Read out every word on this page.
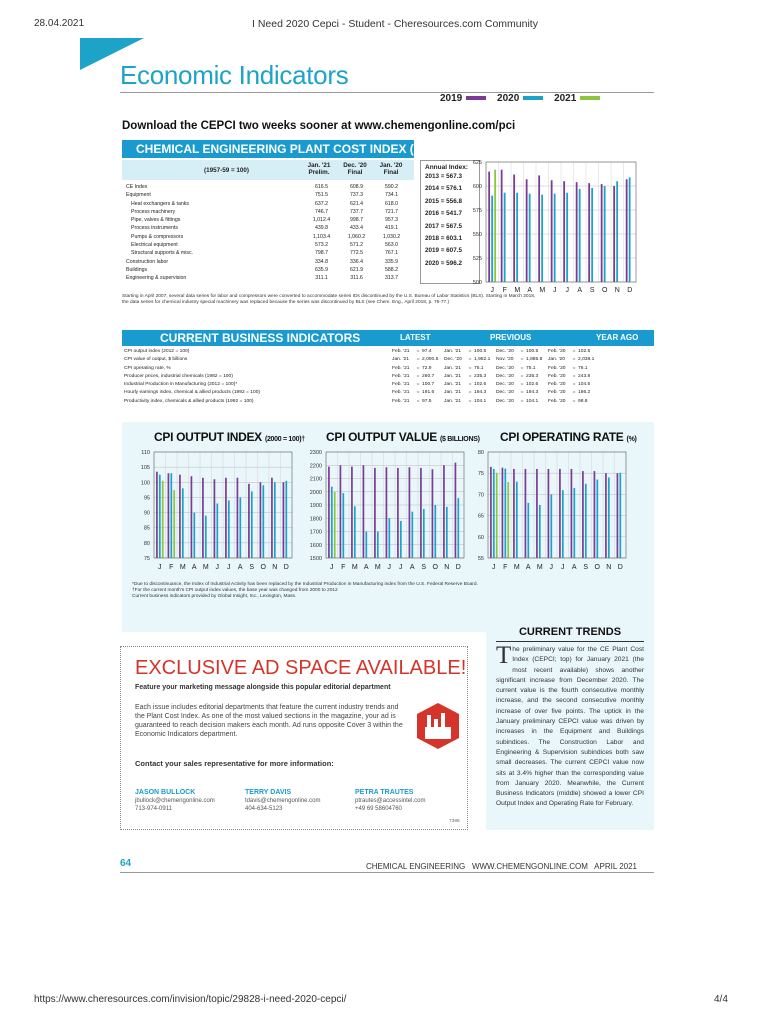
28.04.2021	I Need 2020 Cepci - Student - Cheresources.com Community
https://www.cheresources.com/invision/topic/29828-i-need-2020-cepci/	4/4
Economic Indicators
2019	2020	2021
Download the CEPCI two weeks sooner at www.chemengonline.com/pci
CHEMICAL ENGINEERING PLANT COST INDEX (CEPCI)
(1957-59 = 100)
Jan. '21 Prelim.
Dec. '20 Final
Jan. '20 Final
CE Index	616.5	608.9	590.2
Equipment	751.5	737.3	734.1
Heat exchangers & tanks	637.2	621.4	618.0
Process machinery	746.7	737.7	721.7
Pipe, valves & fittings	1,012.4	998.7	957.3
Process instruments	439.8	433.4	419.1
Pumps & compressors	1,103.4	1,060.2	1,030.2
Electrical equipment	573.2	571.2	563.0
Structural supports & misc.	798.7	772.5	767.1
Construction labor	334.8	336.4	335.9
Buildings	635.9	621.9	588.2
Engineering & supervision	311.1	311.6	313.7
Annual Index:
2013 = 567.3
2014 = 576.1
2015 = 556.8
2016 = 541.7
2017 = 567.5
2018 = 603.1
2019 = 607.5
2020 = 596.2
500
525
550
575
600
625
J F M A M J J A S O N D
Starting in April 2007, several data series for labor and compressors were converted to accommodate series IDs discontinued by the U.S. Bureau of Labor Statistics (BLS). Starting in March 2018, the data series for chemical industry special machinery was replaced because the series was discontinued by BLS (see Chem. Eng., April 2018, p. 76-77.)
CURRENT BUSINESS INDICATORS	LATEST	PREVIOUS	YEAR AGO
CPI output index (2012 = 100)	Feb. '21	=	97.4	Jan. '21	=	100.5	Dec. '20	=	100.5	Feb. '20	=	102.5
CPI value of output, $ billions	Jan. '21	=	2,000.5	Dec. '20	=	1,952.1	Nov. '20	=	1,885.8	Jan. '20	=	2,038.1
CPI operating rate, %	Feb. '21	=	72.9	Jan. '21	=	75.1	Dec. '20	=	75.1	Feb. '20	=	76.1
Producer prices, industrial chemicals (1982 = 100)	Feb. '21	=	260.7	Jan. '21	=	235.3	Dec. '20	=	235.3	Feb. '20	=	243.8
Industrial Production in Manufacturing (2012 = 100)*	Feb. '21	=	100.7	Jan. '21	=	102.6	Dec. '20	=	102.6	Feb. '20	=	104.5
Hourly earnings index, chemical & allied products (1992 = 100)	Feb. '21	=	191.6	Jan. '21	=	194.3	Dec. '20	=	194.3	Feb. '20	=	186.2
Productivity index, chemicals & allied products (1992 = 100)	Feb. '21	=	97.5	Jan. '21	=	104.1	Dec. '20	=	104.1	Feb. '20	=	98.8
CPI OUTPUT INDEX (2000 = 100)† CPI OUTPUT VALUE ($ BILLIONS) CPI OPERATING RATE (%)
75
80
85
90
95
100
105
110
J F M A M J J A S O N D
1500
1600
1700
1800
1900
2000
2100
2200
2300
J F M A M J J A S O N D
55
60
65
70
75
80
J F M A M J J A S O N D
*Due to discontinuance, the Index of Industrial Activity has been replaced by the Industrial Production in Manufacturing index from the U.S. Federal Reserve Board.
†For the current month's CPI output index values, the base year was changed from 2000 to 2012
Current business indicators provided by Global Insight, Inc., Lexington, Mass.
EXCLUSIVE AD SPACE AVAILABLE!
Feature your marketing message alongside this popular editorial department
Each issue includes editorial departments that feature the current industry trends and the Plant Cost Index. As one of the most valued sections in the magazine, your ad is guaranteed to reach decision makers each month. Ad runs opposite Cover 3 within the Economic Indicators department.
Contact your sales representative for more information:
JASON BULLOCK
jbullock@chemengonline.com
713-974-0911
TERRY DAVIS
tdavis@chemengonline.com
404-634-5123
PETRA TRAUTES
ptrautes@accessintel.com
+49 69 58604760
7386
CURRENT TRENDS
The preliminary value for the CE Plant Cost Index (CEPCI; top) for January 2021 (the most recent available) shows another significant increase from December 2020. The current value is the fourth consecutive monthly increase, and the second consecutive monthly increase of over five points. The uptick in the January preliminary CEPCI value was driven by increases in the Equipment and Buildings subindices. The Construction Labor and Engineering & Supervision subindices both saw small decreases. The current CEPCI value now sits at 3.4% higher than the corresponding value from January 2020. Meanwhile, the Current Business Indicators (middle) showed a lower CPI Output Index and Operating Rate for February.
64	CHEMICAL ENGINEERING   WWW.CHEMENGONLINE.COM   APRIL 2021
